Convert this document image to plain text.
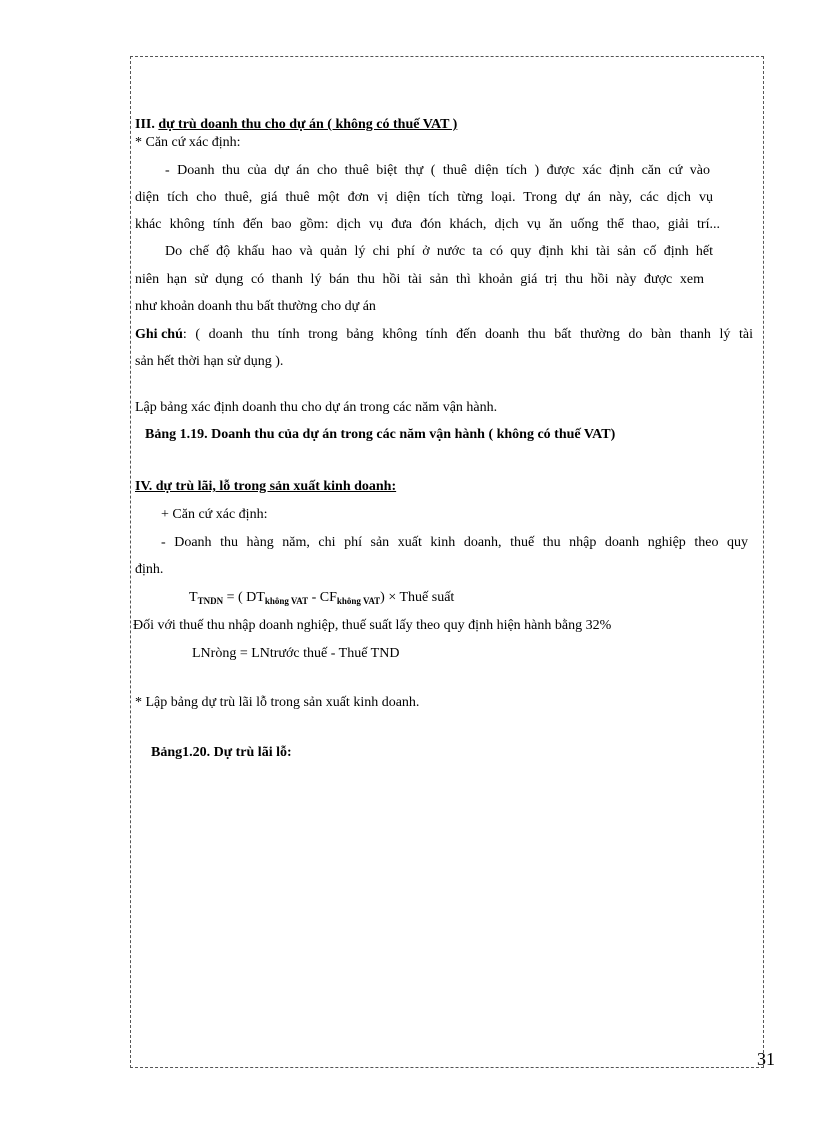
III. dự trù doanh thu cho dự án ( không có thuế VAT )
* Căn cứ xác định:
- Doanh thu của dự án cho thuê biệt thự ( thuê diện tích ) được xác định căn cứ vào
diện tích cho thuê, giá thuê một đơn vị diện tích từng loại. Trong dự án này, các dịch vụ
khác không tính đến bao gồm: dịch vụ đưa đón khách, dịch vụ ăn uống thể thao, giải trí...
Do chế độ khấu hao và quản lý chi phí ở nước ta có quy định khi tài sản cố định hết
niên hạn sử dụng có thanh lý bán thu hồi tài sản thì khoản giá trị thu hồi này được xem
như khoản doanh thu bất thường cho dự án
Ghi chú : ( doanh thu tính trong bảng không tính đến doanh thu bất thường do bàn thanh lý tài
sản hết thời hạn sử dụng ).
Lập bảng xác định doanh thu cho dự án trong các năm vận hành.
Bảng 1.19. Doanh thu của dự án trong các năm vận hành ( không có thuế VAT)
IV. dự trù lãi, lỗ trong sản xuất kinh doanh:
+ Căn cứ xác định:
- Doanh thu hàng năm, chi phí sản xuất kinh doanh, thuế thu nhập doanh nghiệp theo quy
định.
$T_{TNDN}$ = ( $DT_{không VAT} - CF_{không VAT}$) × Thuế suất
Đối với thuế thu nhập doanh nghiệp, thuế suất lấy theo quy định hiện hành bằng 32%
LNròng = LNtrước thuế - Thuế TND
* Lập bảng dự trù lãi lỗ trong sản xuất kinh doanh.
Bảng1.20. Dự trù lãi lỗ:
31
